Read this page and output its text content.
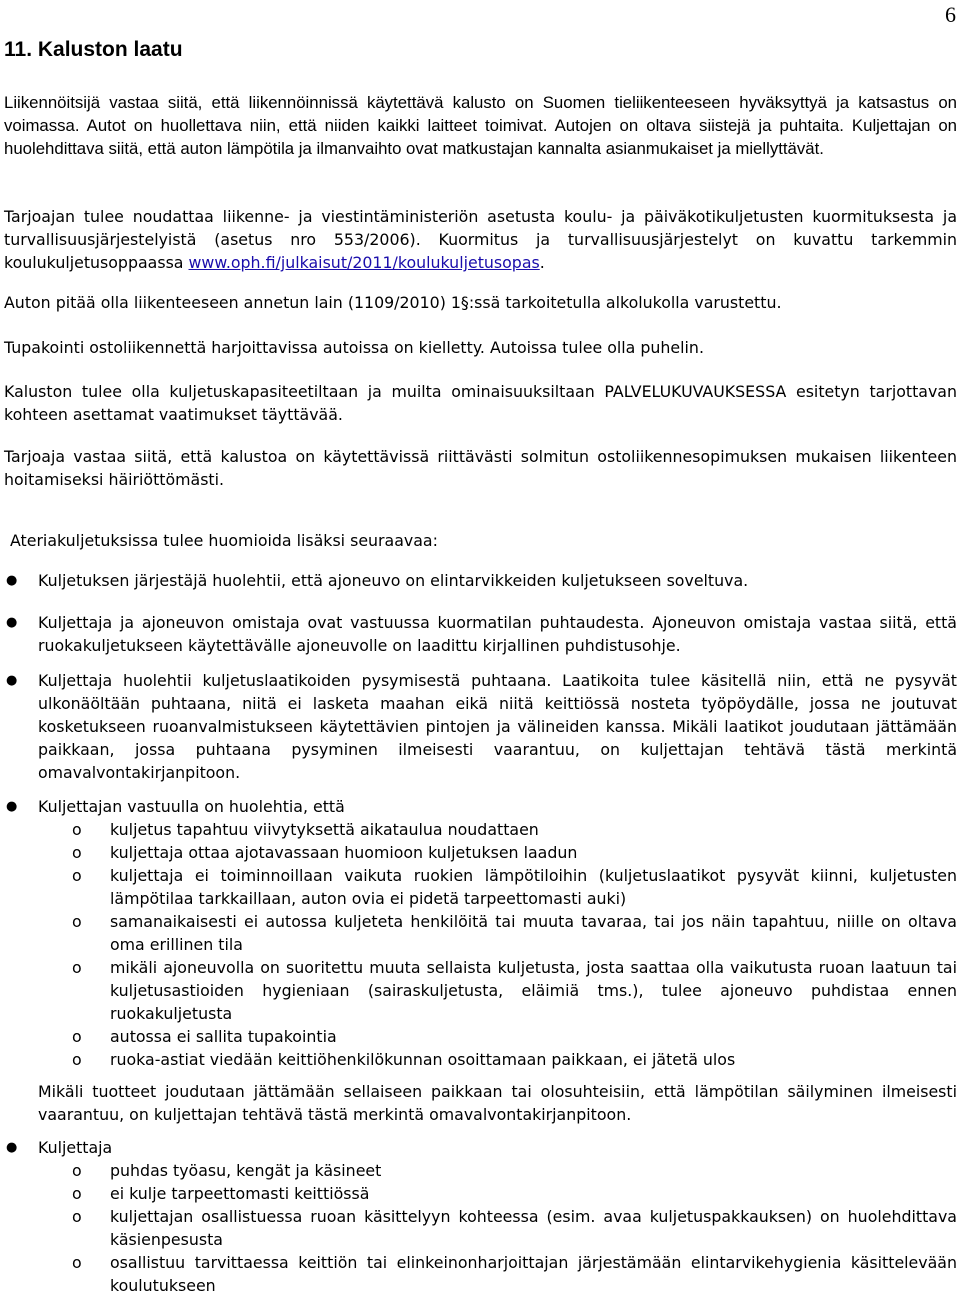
6
11. Kaluston laatu

Liikennöitsijä vastaa siitä, että liikennöinnissä käytettävä kalusto on Suomen tieliikenteeseen hyväksyttyä ja katsastus on voimassa. Autot on huollettava niin, että niiden kaikki laitteet toimivat. Autojen on oltava siistejä ja puhtaita. Kuljettajan on huolehdittava siitä, että auton lämpötila ja ilmanvaihto ovat matkustajan kannalta asianmukaiset ja miellyttävät.

Tarjoajan tulee noudattaa liikenne- ja viestintäministeriön asetusta koulu- ja päiväkotikuljetusten kuormituksesta ja turvallisuusjärjestelyistä (asetus nro 553/2006). Kuormitus ja turvallisuusjärjestelyt on kuvattu tarkemmin koulukuljetusoppaassa www.oph.fi/julkaisut/2011/koulukuljetusopas.

Auton pitää olla liikenteeseen annetun lain (1109/2010) 1§:ssä tarkoitetulla alkolukolla varustettu.

Tupakointi ostoliikennettä harjoittavissa autoissa on kielletty. Autoissa tulee olla puhelin.

Kaluston tulee olla kuljetuskapasiteetiltaan ja muilta ominaisuuksiltaan PALVELUKUVAUKSESSA esitetyn tarjottavan kohteen asettamat vaatimukset täyttävää.

Tarjoaja vastaa siitä, että kalustoa on käytettävissä riittävästi solmitun ostoliikennesopimuksen mukaisen liikenteen hoitamiseksi häiriöttömästi.

Ateriakuljetuksissa tulee huomioida lisäksi seuraavaa:
● Kuljetuksen järjestäjä huolehtii, että ajoneuvo on elintarvikkeiden kuljetukseen soveltuva.
● Kuljettaja ja ajoneuvon omistaja ovat vastuussa kuormatilan puhtaudesta. Ajoneuvon omistaja vastaa siitä, että ruokakuljetukseen käytettävälle ajoneuvolle on laadittu kirjallinen puhdistusohje.
● Kuljettaja huolehtii kuljetuslaatikoiden pysymisestä puhtaana. Laatikoita tulee käsitellä niin, että ne pysyvät ulkonäöltään puhtaana, niitä ei lasketa maahan eikä niitä keittiössä nosteta työpöydälle, jossa ne joutuvat kosketukseen ruoanvalmistukseen käytettävien pintojen ja välineiden kanssa. Mikäli laatikot joudutaan jättämään paikkaan, jossa puhtaana pysyminen ilmeisesti vaarantuu, on kuljettajan tehtävä tästä merkintä omavalvontakirjanpitoon.
● Kuljettajan vastuulla on huolehtia, että
o kuljetus tapahtuu viivytyksettä aikataulua noudattaen
o kuljettaja ottaa ajotavassaan huomioon kuljetuksen laadun
o kuljettaja ei toiminnoillaan vaikuta ruokien lämpötiloihin (kuljetuslaatikot pysyvät kiinni, kuljetusten lämpötilaa tarkkaillaan, auton ovia ei pidetä tarpeettomasti auki)
o samanaikaisesti ei autossa kuljeteta henkilöitä tai muuta tavaraa, tai jos näin tapahtuu, niille on oltava oma erillinen tila
o mikäli ajoneuvolla on suoritettu muuta sellaista kuljetusta, josta saattaa olla vaikutusta ruoan laatuun tai kuljetusastioiden hygieniaan (sairaskuljetusta, eläimiä tms.), tulee ajoneuvo puhdistaa ennen ruokakuljetusta
o autossa ei sallita tupakointia
o ruoka-astiat viedään keittiöhenkilökunnan osoittamaan paikkaan, ei jätetä ulos
Mikäli tuotteet joudutaan jättämään sellaiseen paikkaan tai olosuhteisiin, että lämpötilan säilyminen ilmeisesti vaarantuu, on kuljettajan tehtävä tästä merkintä omavalvontakirjanpitoon.
● Kuljettaja
o puhdas työasu, kengät ja käsineet
o ei kulje tarpeettomasti keittiössä
o kuljettajan osallistuessa ruoan käsittelyyn kohteessa (esim. avaa kuljetuspakkauksen) on huolehdittava käsienpesusta
o osallistuu tarvittaessa keittiön tai elinkeinonharjoittajan järjestämään elintarvikehygienia käsittelevään koulutukseen
